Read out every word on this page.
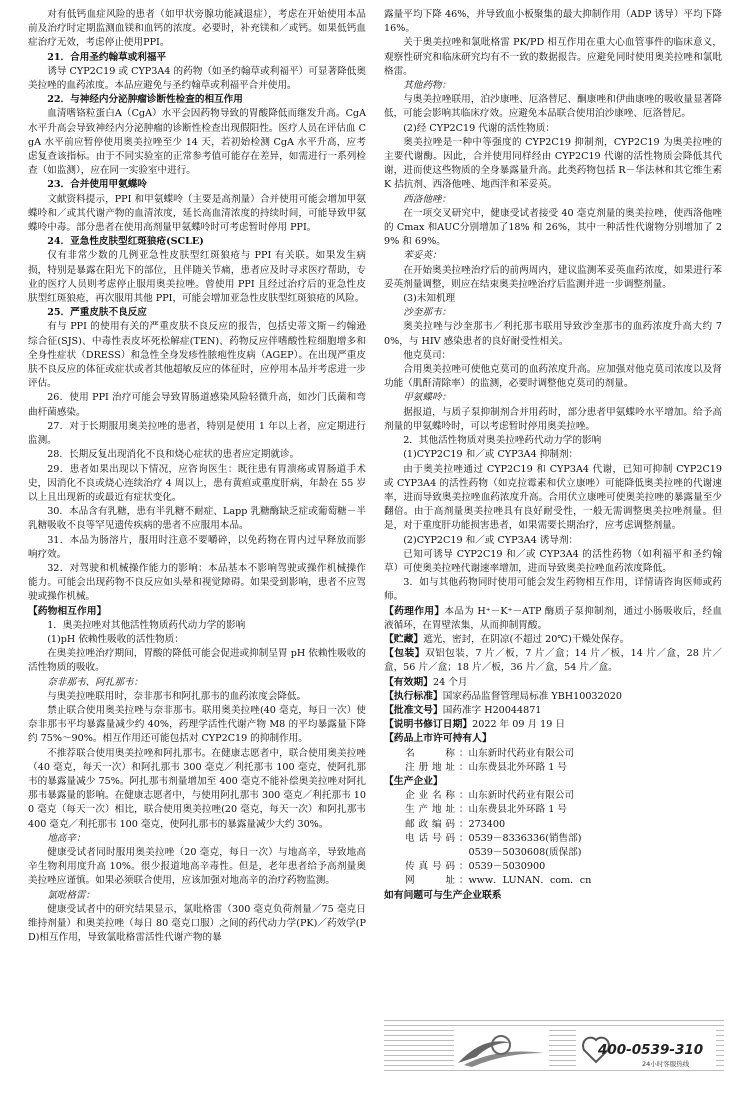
对有低钙血症风险的患者（如甲状旁腺功能减退症），考虑在开始使用本品前及治疗时定期监测血镁和血钙的浓度。必要时，补充镁和／或钙。如果低钙血症治疗无效，考虑停止使用PPI。

21．合用圣约翰草或利福平

诱导 CYP2C19 或 CYP3A4 的药物（如圣约翰草或利福平）可显著降低奥美拉唑的血药浓度。本品应避免与圣约翰草或利福平合并使用。

22．与神经内分泌肿瘤诊断性检查的相互作用

血清嗜铬粒蛋白A（CgA）水平会因药物导致的胃酸降低而继发升高。CgA 水平升高会导致神经内分泌肿瘤的诊断性检查出现假阳性。医疗人员在评估血 CgA 水平前应暂停使用奥美拉唑至少 14 天，若初始检测 CgA 水平升高，应考虑复查该指标。由于不同实验室的正常参考值可能存在差异，如需进行一系列检查（如监测），应在同一实验室中进行。

23．合并使用甲氨蝶呤

文献资料提示，PPI 和甲氨蝶呤（主要是高剂量）合并使用可能会增加甲氨蝶呤和／或其代谢产物的血清浓度，延长高血清浓度的持续时间，可能导致甲氨蝶呤中毒。部分患者在使用高剂量甲氨蝶呤时可考虑暂时停用 PPI。

24．亚急性皮肤型红斑狼疮(SCLE)

仅有非常少数的几例亚急性皮肤型红斑狼疮与 PPI 有关联。如果发生病损，特别是暴露在阳光下的部位，且伴随关节痛，患者应及时寻求医疗帮助，专业的医疗人员则考虑停止服用奥美拉唑。曾使用 PPI 且经过治疗后的亚急性皮肤型红斑狼疮，再次服用其他 PPI，可能会增加亚急性皮肤型红斑狼疮的风险。

25．严重皮肤不良反应

有与 PPI 的使用有关的严重皮肤不良反应的报告，包括史蒂文斯－约翰逊综合征(SJS)、中毒性表皮坏死松解症(TEN)、药物反应伴嗜酸性粒细胞增多和全身性症状（DRESS）和急性全身发疹性脓疱性皮病（AGEP）。在出现严重皮肤不良反应的体征或症状或者其他超敏反应的体征时，应停用本品并考虑进一步评估。

26．使用 PPI 治疗可能会导致胃肠道感染风险轻微升高，如沙门氏菌和弯曲杆菌感染。

27．对于长期服用奥美拉唑的患者，特别是使用 1 年以上者，应定期进行监测。

28．长期反复出现消化不良和烧心症状的患者应定期就诊。

29．患者如果出现以下情况，应咨询医生：既往患有胃溃疡或胃肠道手术史，因消化不良或烧心连续治疗 4 周以上，患有黄疸或重度肝病，年龄在 55 岁以上且出现新的或最近有症状变化。

30．本品含有乳糖，患有半乳糖不耐症、Lapp 乳糖酶缺乏症或葡萄糖－半乳糖吸收不良等罕见遗传疾病的患者不应服用本品。

31．本品为肠溶片，服用时注意不要嚼碎，以免药物在胃内过早释放而影响疗效。

32．对驾驶和机械操作能力的影响：本品基本不影响驾驶或操作机械操作能力。可能会出现药物不良反应如头晕和视觉障碍。如果受到影响，患者不应驾驶或操作机械。

【药物相互作用】

1．奥美拉唑对其他活性物质药代动力学的影响

(1)pH 依赖性吸收的活性物质：

在奥美拉唑治疗期间，胃酸的降低可能会促进或抑制呈胃 pH 依赖性吸收的活性物质的吸收。

奈非那韦、阿扎那韦：

与奥美拉唑联用时，奈非那韦和阿扎那韦的血药浓度会降低。

禁止联合使用奥美拉唑与奈非那韦。联用奥美拉唑(40 毫克，每日一次）使奈非那韦平均暴露量减少约 40%，药理学活性代谢产物 M8 的平均暴露量下降约 75%～90%。相互作用还可能包括对 CYP2C19 的抑制作用。

不推荐联合使用奥美拉唑和阿扎那韦。在健康志愿者中，联合使用奥美拉唑（40 毫克，每天一次）和阿扎那韦 300 毫克／利托那韦 100 毫克，使阿扎那韦的暴露量减少 75%。阿扎那韦剂量增加至 400 毫克不能补偿奥美拉唑对阿扎那韦暴露量的影响。在健康志愿者中，与使用阿扎那韦 300 毫克／利托那韦 100 毫克（每天一次）相比，联合使用奥美拉唑(20 毫克，每天一次）和阿扎那韦 400 毫克／利托那韦 100 毫克，使阿扎那韦的暴露量减少大约 30%。

地高辛：

健康受试者同时服用奥美拉唑（20 毫克，每日一次）与地高辛，导致地高辛生物利用度升高 10%。很少报道地高辛毒性。但是，老年患者给予高剂量奥美拉唑应谨慎。如果必须联合使用，应该加强对地高辛的治疗药物监测。

氯吡格雷：

健康受试者中的研究结果显示，氯吡格雷（300 毫克负荷剂量／75 毫克日维持剂量）和奥美拉唑（每日 80 毫克口服）之间的药代动力学(PK)／药效学(PD)相互作用，导致氯吡格雷活性代谢产物的暴

露量平均下降 46%，并导致血小板聚集的最大抑制作用（ADP 诱导）平均下降 16%。

关于奥美拉唑和氯吡格雷 PK/PD 相互作用在重大心血管事件的临床意义，观察性研究和临床研究均有不一致的数据报告。应避免同时使用奥美拉唑和氯吡格雷。

其他药物：

与奥美拉唑联用，泊沙康唑、厄洛替尼、酮康唑和伊曲康唑的吸收量显著降低，可能会影响其临床疗效。应避免本品联合使用泊沙康唑、厄洛替尼。

(2)经 CYP2C19 代谢的活性物质：

奥美拉唑是一种中等强度的 CYP2C19 抑制剂，CYP2C19 为奥美拉唑的主要代谢酶。因此，合并使用同样经由 CYP2C19 代谢的活性物质会降低其代谢，进而使这些物质的全身暴露量升高。此类药物包括 R－华法林和其它维生素 K 拮抗剂、西洛他唑、地西泮和苯妥英。

西洛他唑：

在一项交叉研究中，健康受试者接受 40 毫克剂量的奥美拉唑，使西洛他唑的 Cmax 和AUC分别增加了18% 和 26%，其中一种活性代谢物分别增加了 29% 和 69%。

苯妥英：

在开始奥美拉唑治疗后的前两周内，建议监测苯妥英血药浓度，如果进行苯妥英剂量调整，则应在结束奥美拉唑治疗后监测并进一步调整剂量。

(3)未知机理

沙奎那韦：

奥美拉唑与沙奎那韦／利托那韦联用导致沙奎那韦的血药浓度升高大约 70%，与 HIV 感染患者的良好耐受性相关。

他克莫司：

合用奥美拉唑可使他克莫司的血药浓度升高。应加强对他克莫司浓度以及肾功能（肌酐清除率）的监测，必要时调整他克莫司的剂量。

甲氨蝶呤：

据报道，与质子泵抑制剂合并用药时，部分患者甲氨蝶呤水平增加。给予高剂量的甲氨蝶呤时，可以考虑暂时停用奥美拉唑。

2．其他活性物质对奥美拉唑药代动力学的影响

(1)CYP2C19 和／或 CYP3A4 抑制剂：

由于奥美拉唑通过 CYP2C19 和 CYP3A4 代谢，已知可抑制 CYP2C19 或 CYP3A4 的活性药物（如克拉霉素和伏立康唑）可能降低奥美拉唑的代谢速率，进而导致奥美拉唑血药浓度升高。合用伏立康唑可使奥美拉唑的暴露量至少翻倍。由于高剂量奥美拉唑具有良好耐受性，一般无需调整奥美拉唑剂量。但是，对于重度肝功能损害患者，如果需要长期治疗，应考虑调整剂量。

(2)CYP2C19 和／或 CYP3A4 诱导剂：

已知可诱导 CYP2C19 和／或 CYP3A4 的活性药物（如利福平和圣约翰草）可使奥美拉唑代谢速率增加，进而导致奥美拉唑血药浓度降低。

3．如与其他药物同时使用可能会发生药物相互作用，详情请咨询医师或药师。

【药理作用】本品为 H⁺－K⁺－ATP 酶质子泵抑制剂，通过小肠吸收后，经血液循环，在胃壁浓集，从而抑制胃酸。

【贮藏】遮光，密封，在阴凉(不超过 20℃)干燥处保存。

【包装】双铝包装，7 片／板，7 片／盒；14 片／板，14 片／盒，28 片／盒，56 片／盒；18 片／板，36 片／盒，54 片／盒。

【有效期】24 个月

【执行标准】国家药品监督管理局标准 YBH10032020

【批准文号】国药准字 H20044871

【说明书修订日期】2022 年 09 月 19 日

【药品上市许可持有人】

名　　称：山东新时代药业有限公司

注册地址：山东费县北外环路 1 号

【生产企业】

企业名称：山东新时代药业有限公司

生产地址：山东费县北外环路 1 号

邮政编码：273400

电话号码：0539－8336336(销售部)

0539－5030608(质保部)

传真号码：0539－5030900

网　　址：www．LUNAN．com．cn

如有问题可与生产企业联系

400-0539-310
24小时客服热线
